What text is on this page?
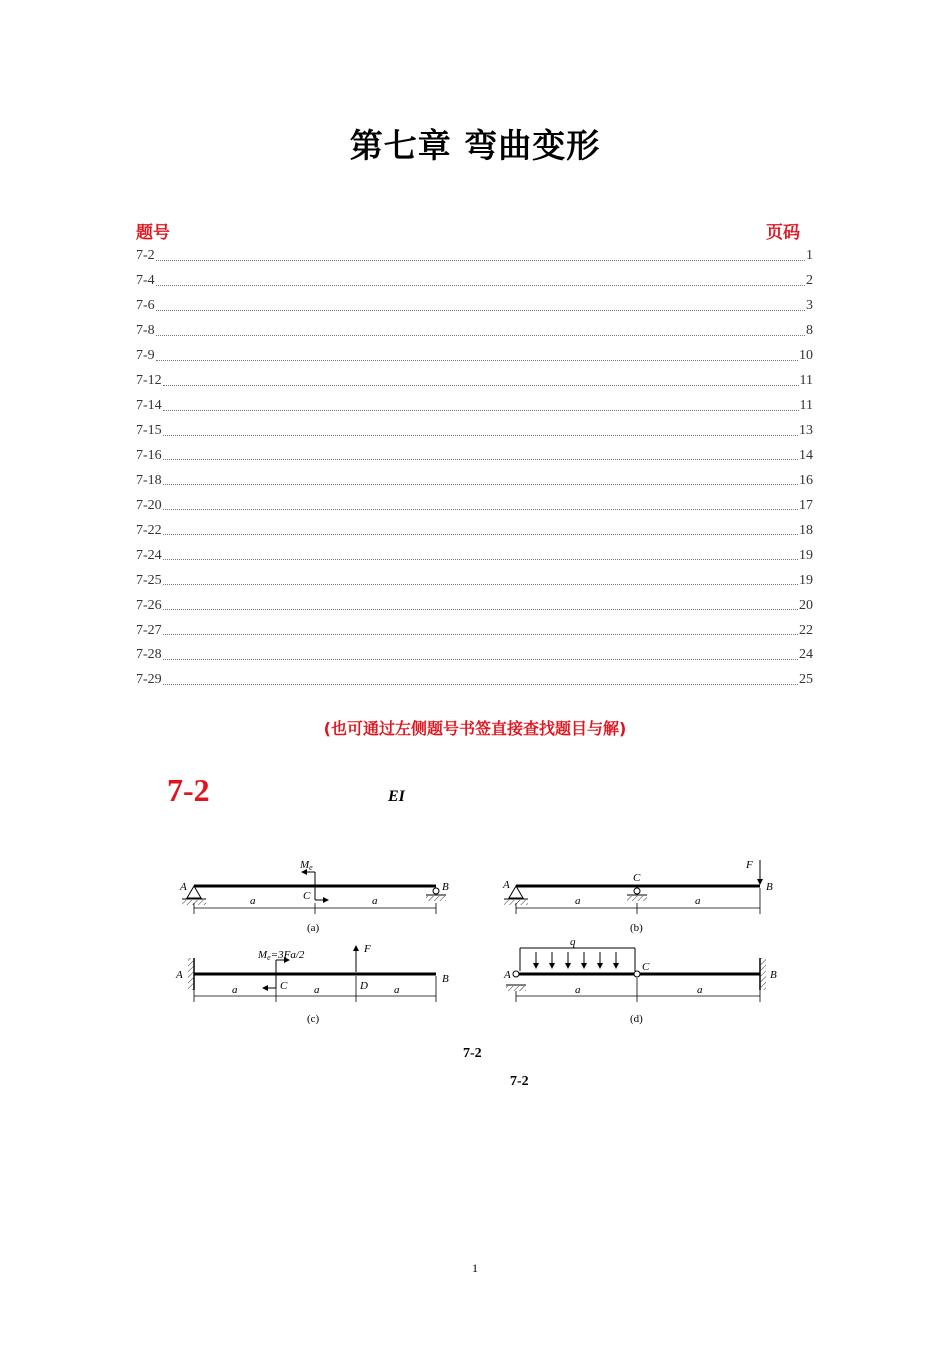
第七章 弯曲变形
题号	页码
7-2	1
7-4	2
7-6	3
7-8	8
7-9	10
7-12	11
7-14	11
7-15	13
7-16	14
7-18	16
7-20	17
7-22	18
7-24	19
7-25	19
7-26	20
7-27	22
7-28	24
7-29	25
(也可通过左侧题号书签直接查找题目与解)
7-2	EI
A	B
C
Me
a	a
(a)
A	B
C
F
a	a
(b)
A	B
C	D
F
Me=3Fa/2
a	a	a
(c)
A	B
C
q
a	a
(d)
7-2
7-2
1
